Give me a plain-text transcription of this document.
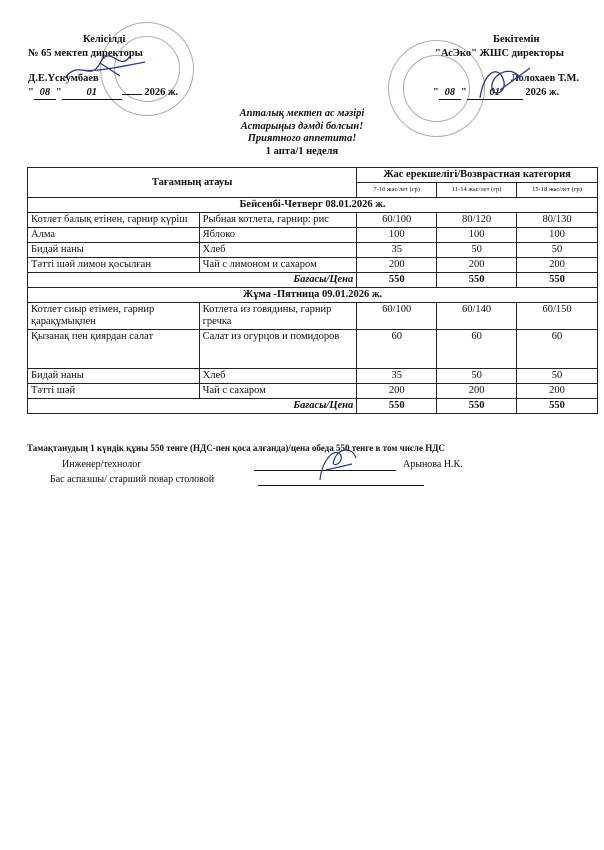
Келісілді
№ 65 мектеп директоры
Д.Е.Үскумбаев
" 08 " 01	2026 ж.
Бекітемін
"АсЭко" ЖШС директоры
Лолохаев Т.М.
" 08 " 01 2026 ж.
Апталық мектеп ас мәзірі
Астарыңыз дәмді болсын!
Приятного аппетита!
1 апта/1 неделя
Тағамның атауы		Жас ерекшелігі/Возврастная категория		
		7-10 жас/лет (гр)	11-14 жас/лет (гр)	15-18 жас/лет (гр)
Бейсенбі-Четверг 08.01.2026 ж.				
Котлет балық етінен, гарнир күріш	Рыбная котлета, гарнир: рис	60/100	80/120	80/130
Алма	Яблоко	100	100	100
Бидай наны	Хлеб	35	50	50
Тәтті шәй лимон қосылған	Чай с лимоном и сахаром	200	200	200
Бағасы/Цена		550	550	550
Жұма -Пятница 09.01.2026 ж.				
Котлет сиыр етімен, гарнир қарақұмықпен	Котлета из говядины, гарнир гречка	60/100	60/140	60/150
Қызанақ пен қиярдан салат	Салат из огурцов и помидоров	60	60	60
Бидай наны	Хлеб	35	50	50
Тәтті шәй	Чай с сахаром	200	200	200
Бағасы/Цена		550	550	550
Тамақтанудың 1 күндік құны 550 тенге (НДС-пен қоса алғанда)/цена обеда 550 тенге в том числе НДС
Инженер/технолог	Арынова Н.К.
Бас аспазшы/ старший повар столовой
